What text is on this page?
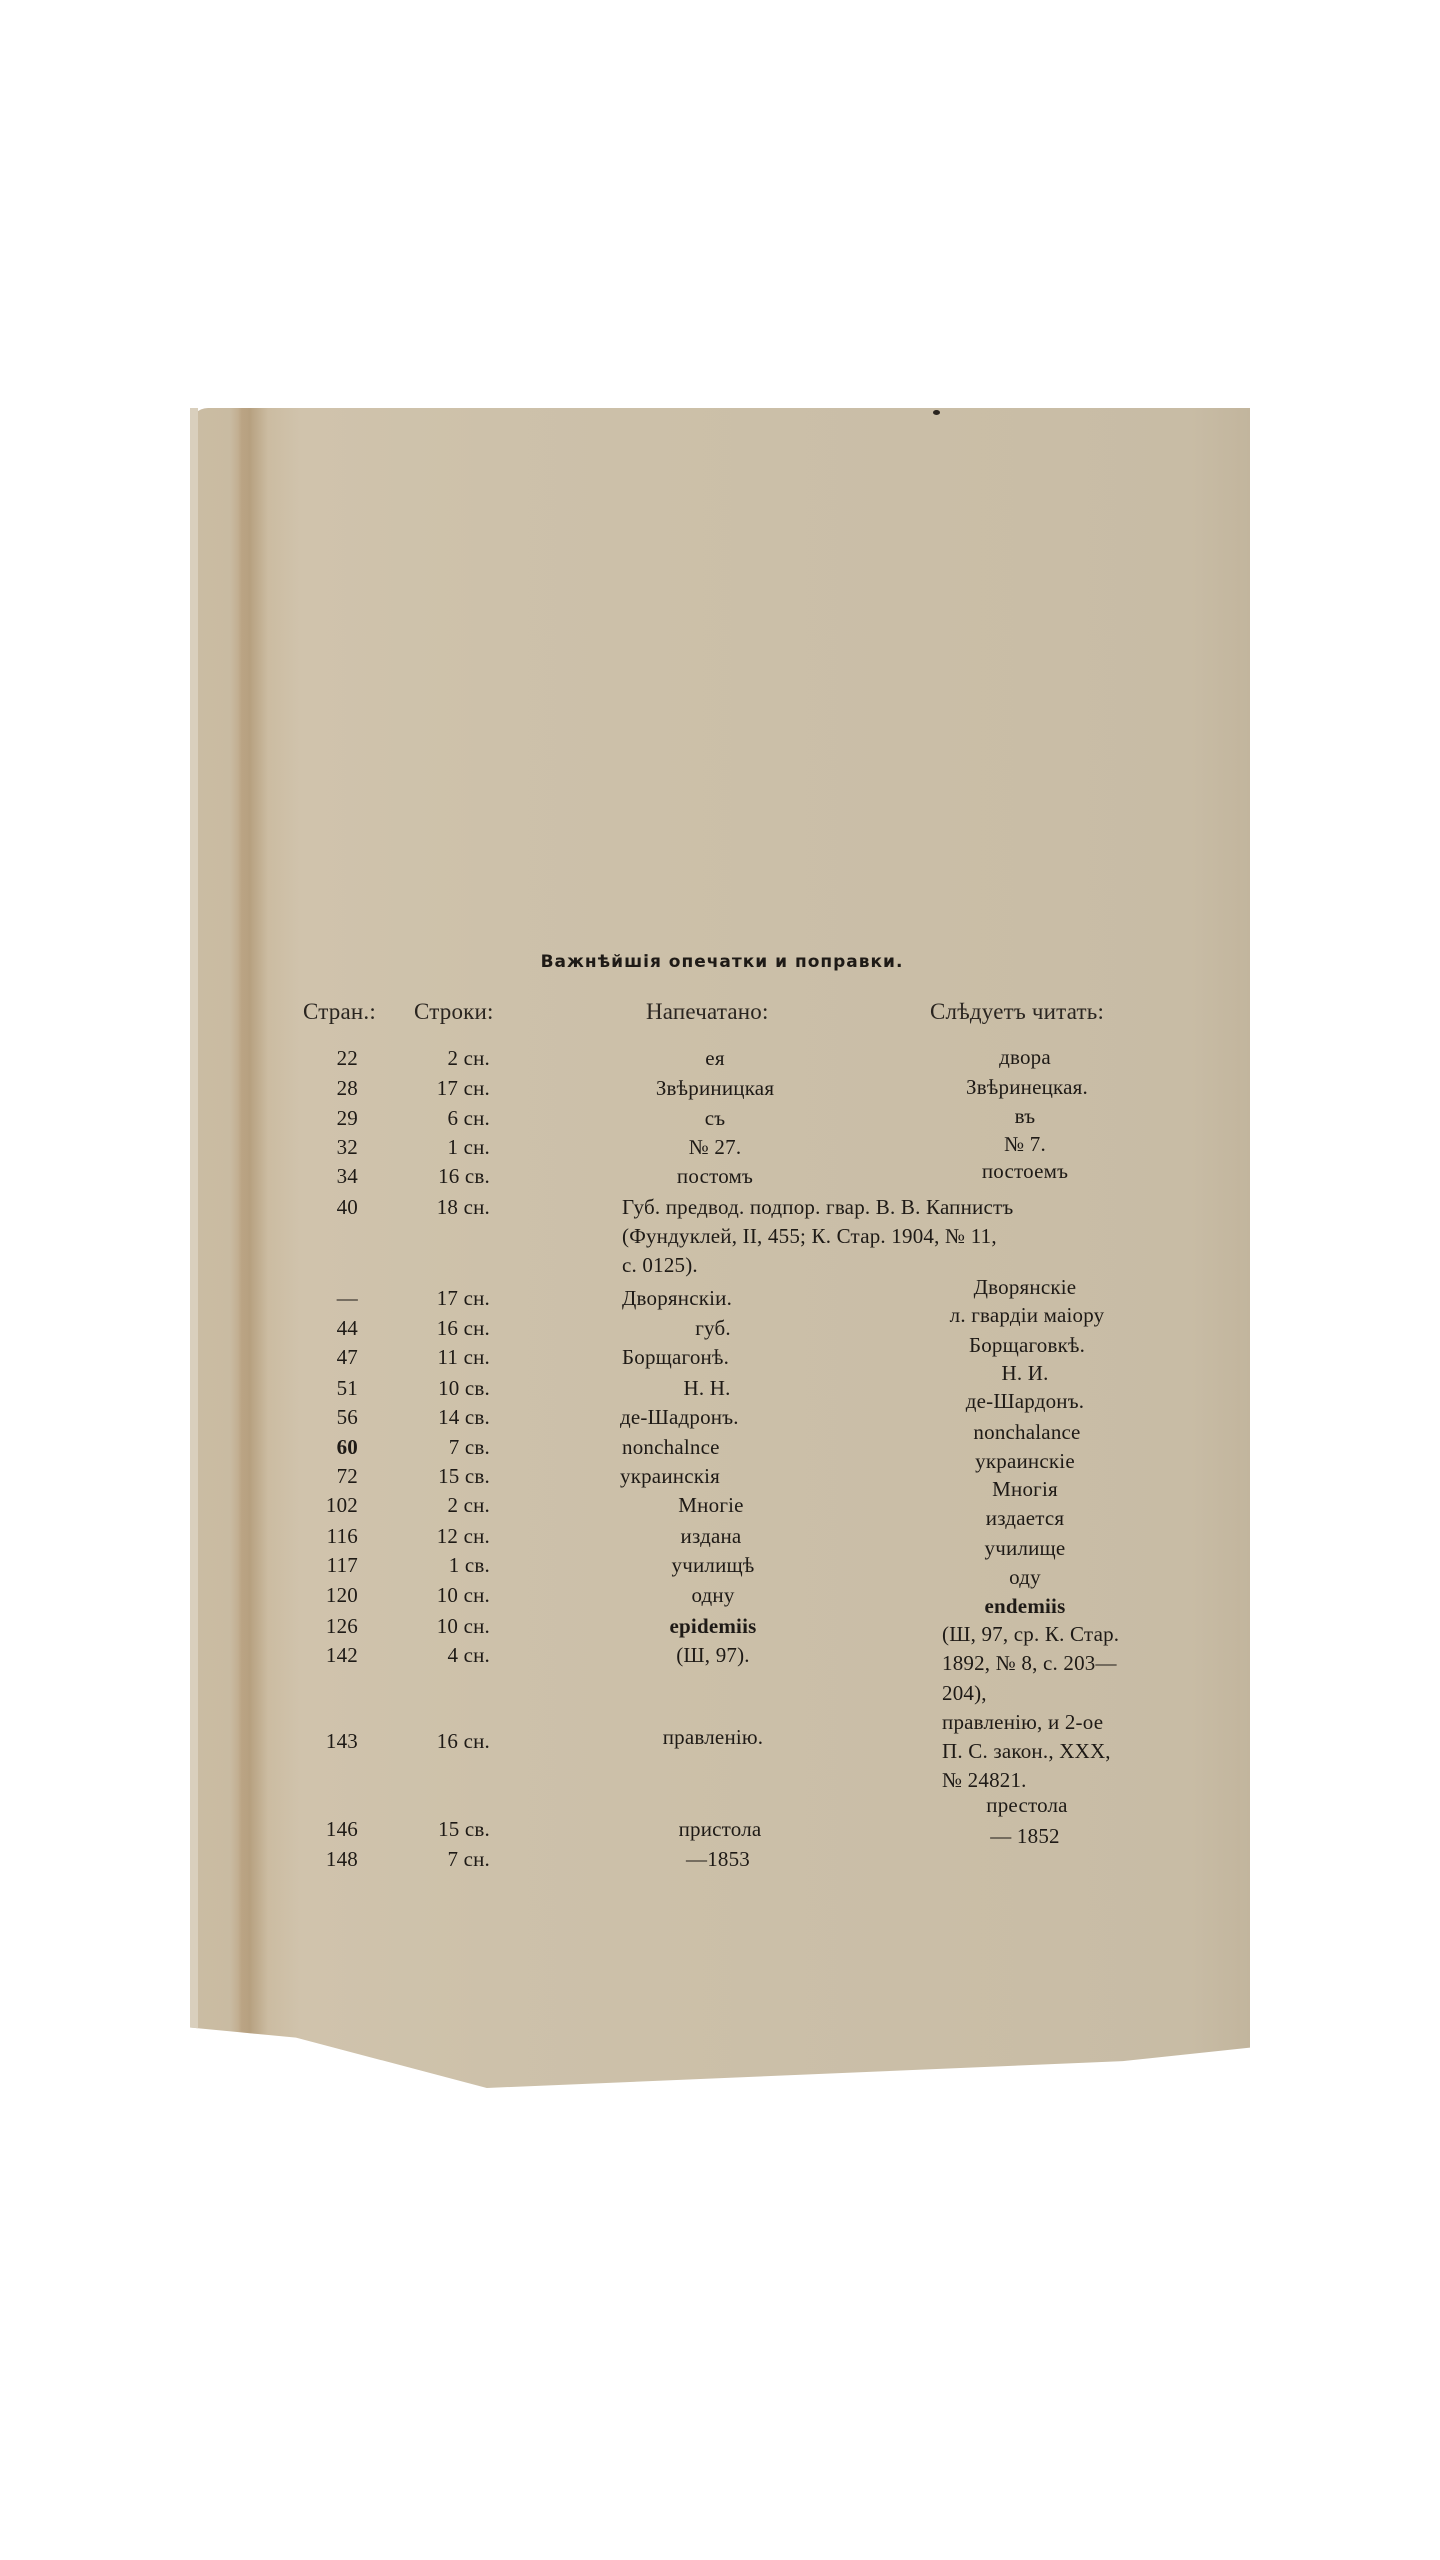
Важнѣйшія опечатки и поправки.
Стран.: Строки:	Напечатано:	Слѣдуетъ читать:
22
28
29
32
34
40
—
44
47
51
56
60
72
102
116
117
120
126
142
143
146
148
2 сн.
17 сн.
6 сн.
1 сн.
16 св.
18 сн.
17 сн.
16 сн.
11 сн.
10 св.
14 св.
7 св.
15 св.
2 сн.
12 сн.
1 св.
10 сн.
10 сн.
4 сн.
16 сн.
15 св.
7 сн.
ея
Звѣриницкая
съ
№ 27.
постомъ
Губ. предвод. подпор. гвар. В. В. Капнистъ
(Фундуклей, II, 455; К. Стар. 1904, № 11,
с. 0125).
Дворянскіи.
губ.
Борщагонѣ.
Н. Н.
де-Шадронъ.
nonchalnce
украинскія
Многіе
издана
училищѣ
одну
epidemiis
(Ш, 97).
правленію.
пристола
—1853
двора
Звѣринецкая.
въ
№ 7.
постоемъ
Дворянскіе
л. гвардіи маіору
Борщаговкѣ.
Н. И.
де-Шардонъ.
nonchalance
украинскіе
Многія
издается
училище
оду
endemiis
(Ш, 97, ср. К. Стар.
1892, № 8, с. 203—
204),
правленію, и 2-ое
П. С. закон., XXX,
№ 24821.
престола
— 1852
